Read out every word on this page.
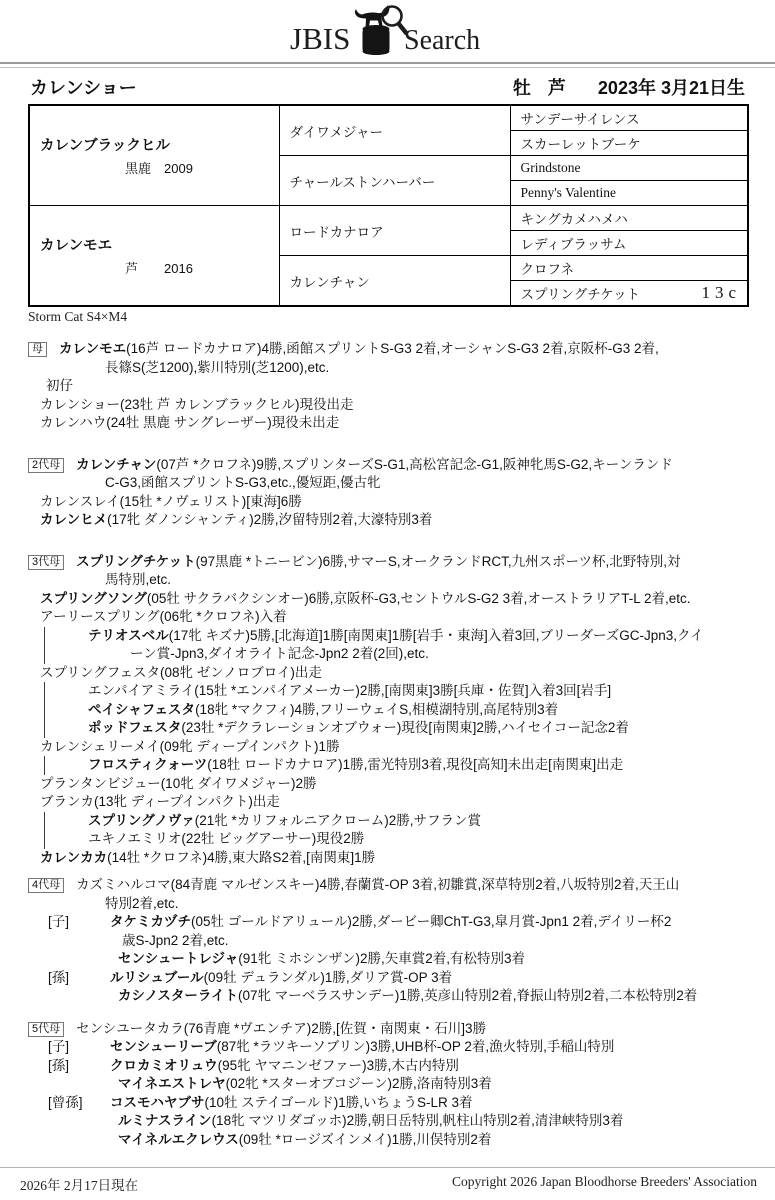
JBIS Search
カレンショー	牡 芦 2023年 3月21日生
カレンブラックヒル
黒鹿　2009	ダイワメジャー	サンデーサイレンス
		スカーレットブーケ
	チャールストンハーバー	Grindstone
		Penny's Valentine

カレンモエ
芦　　2016	ロードカナロア	キングカメハメハ
		レディブラッサム
	カレンチャン	クロフネ

		スプリングチケット 13c
Storm Cat S4×M4
母 カレンモエ(16芦 ロードカナロア)4勝,函館スプリントS-G3 2着,オーシャンS-G3 2着,京阪杯-G3 2着,
長篠S(芝1200),紫川特別(芝1200),etc.
初仔
カレンショー(23牡 芦 カレンブラックヒル)現役出走
カレンハウ(24牡 黒鹿 サングレーザー)現役未出走
2代母 カレンチャン(07芦 *クロフネ)9勝,スプリンターズS-G1,高松宮記念-G1,阪神牝馬S-G2,キーンランド
C-G3,函館スプリントS-G3,etc.,優短距,優古牝
カレンスレイ(15牡 *ノヴェリスト)[東海]6勝
カレンヒメ(17牝 ダノンシャンティ)2勝,汐留特別2着,大濠特別3着
3代母 スプリングチケット(97黒鹿 *トニービン)6勝,サマーS,オークランドRCT,九州スポーツ杯,北野特別,対
馬特別,etc.
スプリングソング(05牡 サクラバクシンオー)6勝,京阪杯-G3,セントウルS-G2 3着,オーストラリアT-L 2着,etc.
アーリースプリング(06牝 *クロフネ)入着
テリオスベル(17牝 キズナ)5勝,[北海道]1勝[南関東]1勝[岩手・東海]入着3回,ブリーダーズGC-Jpn3,クイ
ーン賞-Jpn3,ダイオライト記念-Jpn2 2着(2回),etc.
スプリングフェスタ(08牝 ゼンノロブロイ)出走
エンパイアミライ(15牡 *エンパイアメーカー)2勝,[南関東]3勝[兵庫・佐賀]入着3回[岩手]
ペイシャフェスタ(18牝 *マクフィ)4勝,フリーウェイS,相模湖特別,高尾特別3着
ポッドフェスタ(23牡 *デクラレーションオブウォー)現役[南関東]2勝,ハイセイコー記念2着
カレンシェリーメイ(09牝 ディープインパクト)1勝
フロスティクォーツ(18牡 ロードカナロア)1勝,雷光特別3着,現役[高知]未出走[南関東]出走
プランタンビジュー(10牝 ダイワメジャー)2勝
ブランカ(13牝 ディープインパクト)出走
スプリングノヴァ(21牝 *カリフォルニアクローム)2勝,サフラン賞
ユキノエミリオ(22牡 ビッグアーサー)現役2勝
カレンカカ(14牡 *クロフネ)4勝,東大路S2着,[南関東]1勝
4代母 カズミハルコマ(84青鹿 マルゼンスキー)4勝,春蘭賞-OP 3着,初雛賞,深草特別2着,八坂特別2着,天王山
特別2着,etc.
[子]	タケミカヅチ(05牡 ゴールドアリュール)2勝,ダービー卿ChT-G3,皐月賞-Jpn1 2着,デイリー杯2
歳S-Jpn2 2着,etc.
センシュートレジャ(91牝 ミホシンザン)2勝,矢車賞2着,有松特別3着
[孫]	ルリシュブール(09牡 デュランダル)1勝,ダリア賞-OP 3着
カシノスターライト(07牝 マーベラスサンデー)1勝,英彦山特別2着,脊振山特別2着,二本松特別2着
5代母 センシユータカラ(76青鹿 *ヴエンチア)2勝,[佐賀・南関東・石川]3勝
[子]	センシューリーブ(87牝 *ラツキーソブリン)3勝,UHB杯-OP 2着,漁火特別,手稲山特別
[孫]	クロカミオリュウ(95牝 ヤマニンゼファー)3勝,木古内特別
マイネエストレヤ(02牝 *スターオブコジーン)2勝,洛南特別3着
[曾孫] コスモハヤブサ(10牡 ステイゴールド)1勝,いちょうS-LR 3着
ルミナスライン(18牝 マツリダゴッホ)2勝,朝日岳特別,帆柱山特別2着,清津峡特別3着
マイネルエクレウス(09牡 *ロージズインメイ)1勝,川俣特別2着
2026年 2月17日現在	Copyright 2026 Japan Bloodhorse Breeders' Association
